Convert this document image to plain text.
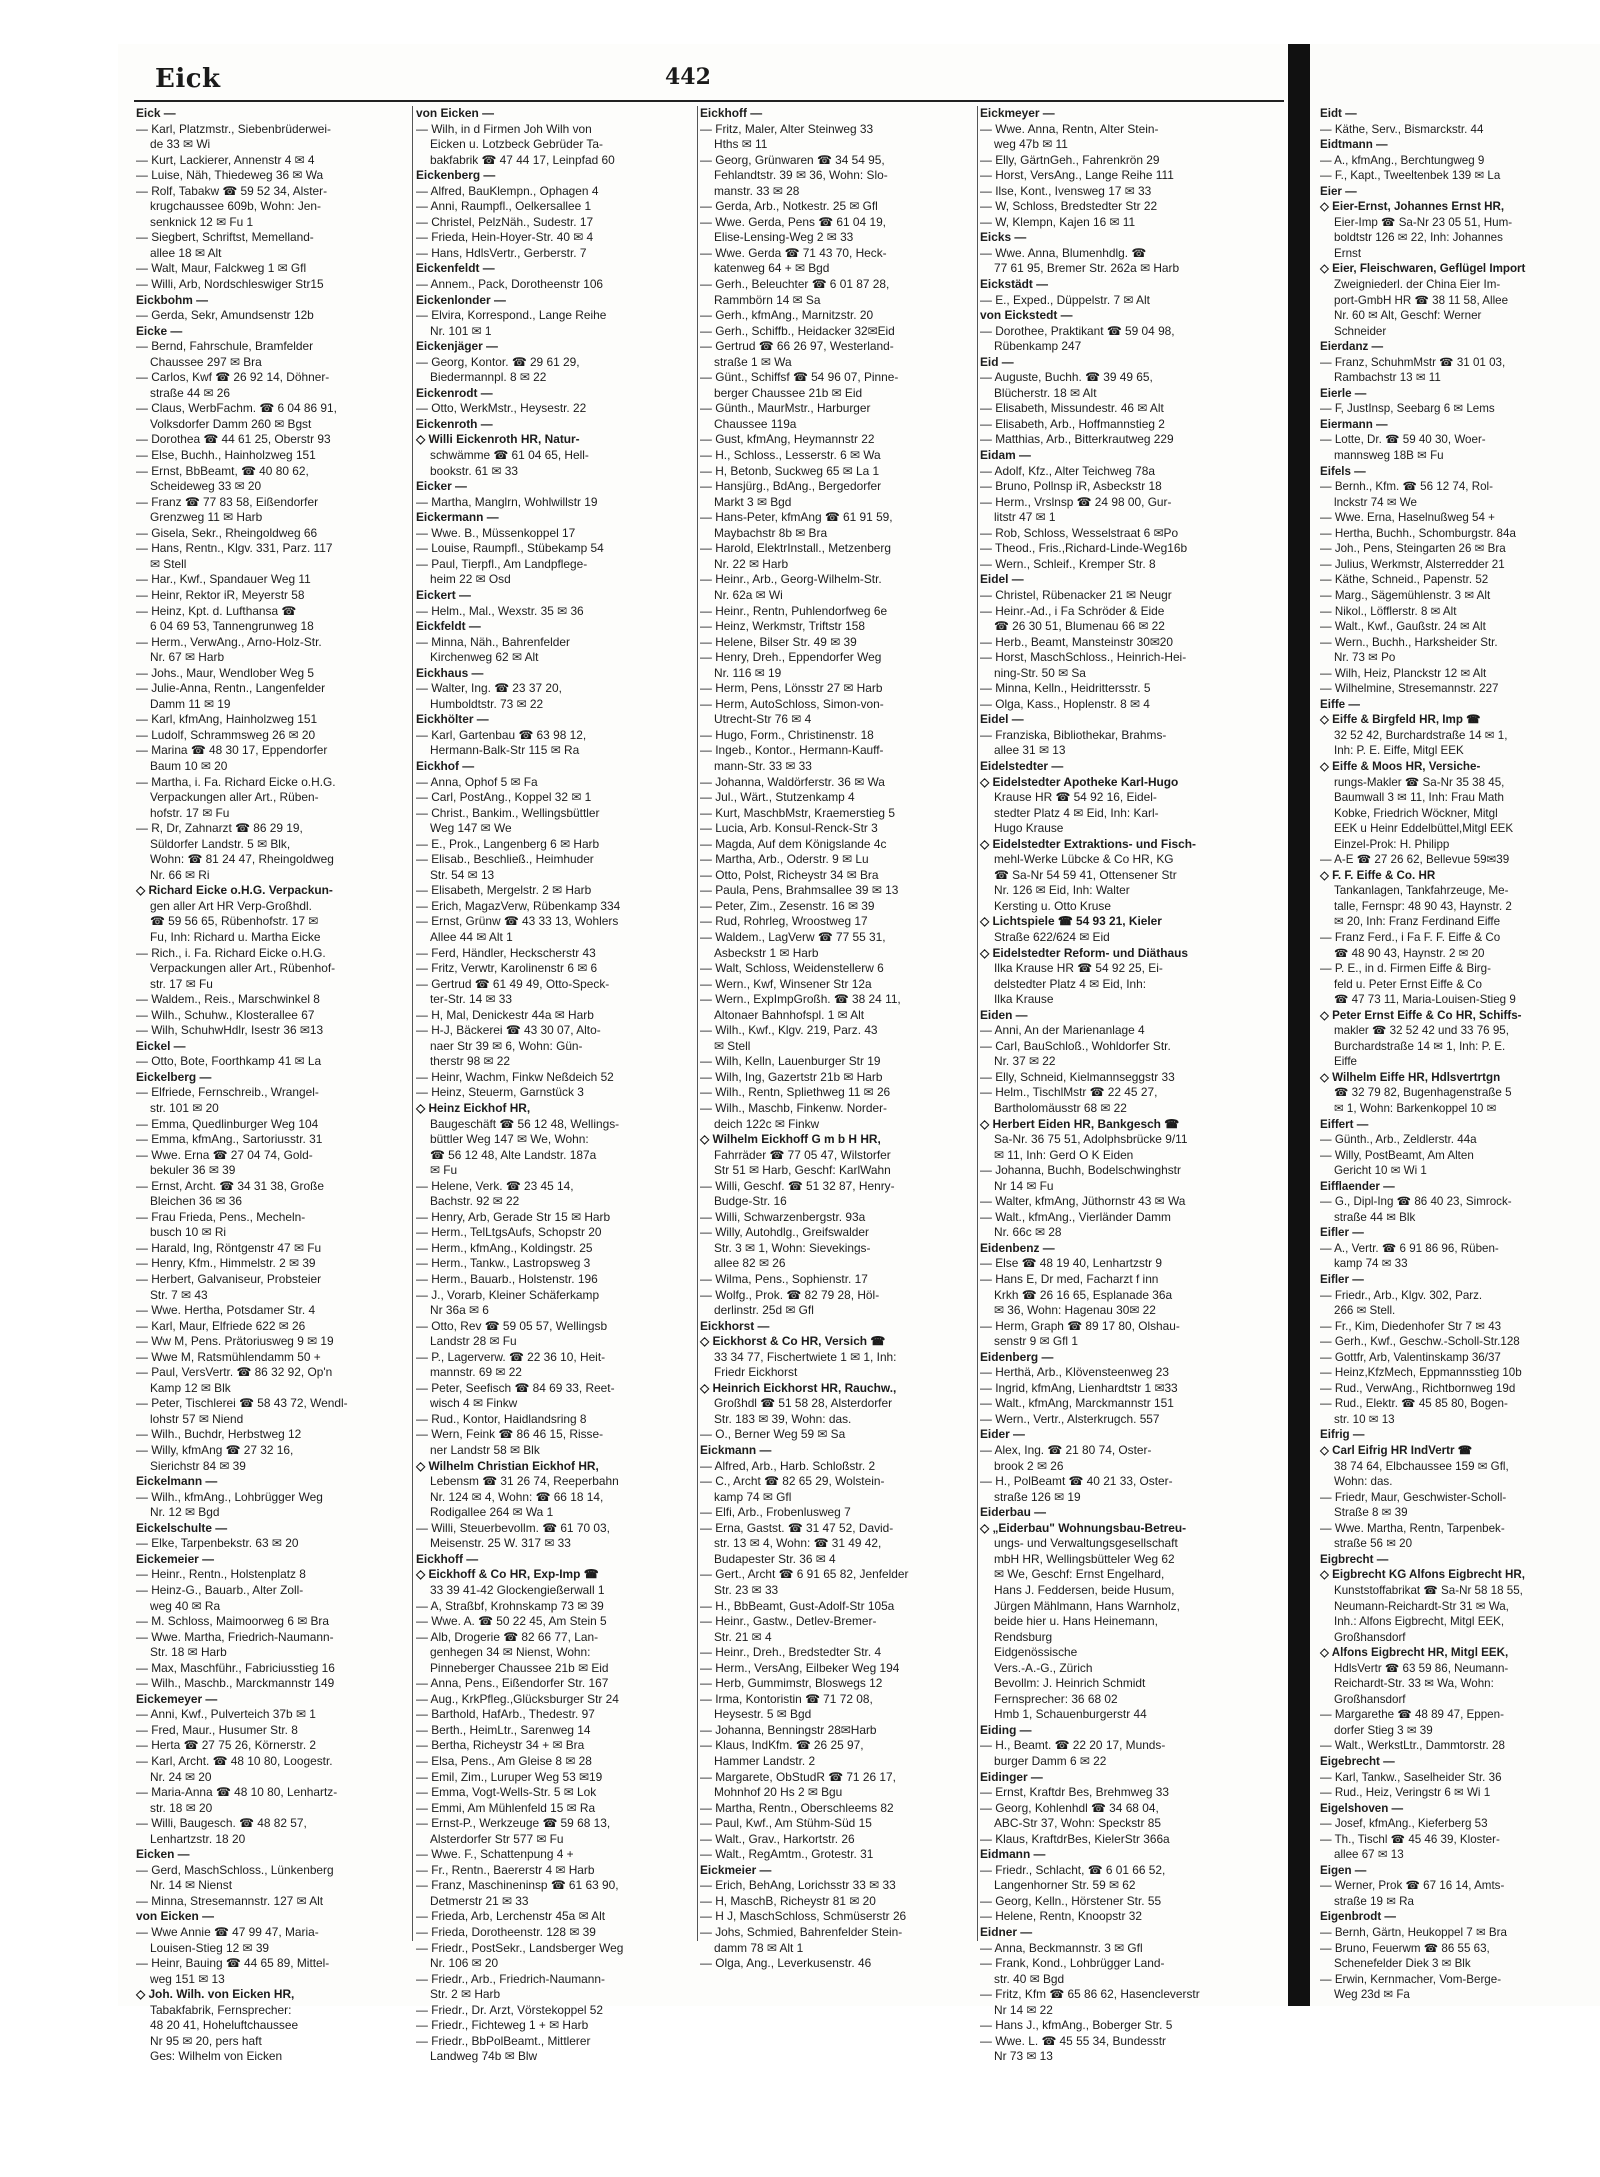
Eick	442
Eick —
— Karl, Platzmstr., Siebenbrüderwei-
de 33 ✉ Wi
— Kurt, Lackierer, Annenstr 4 ✉ 4
— Luise, Näh, Thiedeweg 36 ✉ Wa
— Rolf, Tabakw ☎ 59 52 34, Alster-
krugchaussee 609b, Wohn: Jen-
senknick 12 ✉ Fu 1
— Siegbert, Schriftst, Memelland-
allee 18 ✉ Alt
— Walt, Maur, Falckweg 1 ✉ Gfl
— Willi, Arb, Nordschleswiger Str15
Eickbohm —
— Gerda, Sekr, Amundsenstr 12b
Eicke —
— Bernd, Fahrschule, Bramfelder
Chaussee 297 ✉ Bra
— Carlos, Kwf ☎ 26 92 14, Döhner-
straße 44 ✉ 26
— Claus, WerbFachm. ☎ 6 04 86 91,
Volksdorfer Damm 260 ✉ Bgst
— Dorothea ☎ 44 61 25, Oberstr 93
— Else, Buchh., Hainholzweg 151
— Ernst, BbBeamt, ☎ 40 80 62,
Scheideweg 33 ✉ 20
— Franz ☎ 77 83 58, Eißendorfer
Grenzweg 11 ✉ Harb
— Gisela, Sekr., Rheingoldweg 66
— Hans, Rentn., Klgv. 331, Parz. 117
✉ Stell
— Har., Kwf., Spandauer Weg 11
— Heinr, Rektor iR, Meyerstr 58
— Heinz, Kpt. d. Lufthansa ☎
6 04 69 53, Tannengrunweg 18
— Herm., VerwAng., Arno-Holz-Str.
Nr. 67 ✉ Harb
— Johs., Maur, Wendlober Weg 5
— Julie-Anna, Rentn., Langenfelder
Damm 11 ✉ 19
— Karl, kfmAng, Hainholzweg 151
— Ludolf, Schrammsweg 26 ✉ 20
— Marina ☎ 48 30 17, Eppendorfer
Baum 10 ✉ 20
— Martha, i. Fa. Richard Eicke o.H.G.
Verpackungen aller Art., Rüben-
hofstr. 17 ✉ Fu
— R, Dr, Zahnarzt ☎ 86 29 19,
Süldorfer Landstr. 5 ✉ Blk,
Wohn: ☎ 81 24 47, Rheingoldweg
Nr. 66 ✉ Ri
◇ Richard Eicke o.H.G. Verpackun-
gen aller Art HR Verp-Großhdl.
☎ 59 56 65, Rübenhofstr. 17 ✉
Fu, Inh: Richard u. Martha Eicke
— Rich., i. Fa. Richard Eicke o.H.G.
Verpackungen aller Art., Rübenhof-
str. 17 ✉ Fu
— Waldem., Reis., Marschwinkel 8
— Wilh., Schuhw., Klosterallee 67
— Wilh, SchuhwHdlr, Isestr 36 ✉13
Eickel —
— Otto, Bote, Foorthkamp 41 ✉ La
Eickelberg —
— Elfriede, Fernschreib., Wrangel-
str. 101 ✉ 20
— Emma, Quedlinburger Weg 104
— Emma, kfmAng., Sartoriusstr. 31
— Wwe. Erna ☎ 27 04 74, Gold-
bekuler 36 ✉ 39
— Ernst, Archt. ☎ 34 31 38, Große
Bleichen 36 ✉ 36
— Frau Frieda, Pens., Mecheln-
busch 10 ✉ Ri
— Harald, Ing, Röntgenstr 47 ✉ Fu
— Henry, Kfm., Himmelstr. 2 ✉ 39
— Herbert, Galvaniseur, Probsteier
Str. 7 ✉ 43
— Wwe. Hertha, Potsdamer Str. 4
— Karl, Maur, Elfriede 622 ✉ 26
— Ww M, Pens. Prätoriusweg 9 ✉ 19
— Wwe M, Ratsmühlendamm 50 +
— Paul, VersVertr. ☎ 86 32 92, Op'n
Kamp 12 ✉ Blk
— Peter, Tischlerei ☎ 58 43 72, Wendl-
lohstr 57 ✉ Niend
— Wilh., Buchdr, Herbstweg 12
— Willy, kfmAng ☎ 27 32 16,
Sierichstr 84 ✉ 39
Eickelmann —
— Wilh., kfmAng., Lohbrügger Weg
Nr. 12 ✉ Bgd
Eickelschulte —
— Elke, Tarpenbekstr. 63 ✉ 20
Eickemeier —
— Heinr., Rentn., Holstenplatz 8
— Heinz-G., Bauarb., Alter Zoll-
weg 40 ✉ Ra
— M. Schloss, Maimoorweg 6 ✉ Bra
— Wwe. Martha, Friedrich-Naumann-
Str. 18 ✉ Harb
— Max, Maschführ., Fabriciusstieg 16
— Wilh., Maschb., Marckmannstr 149
Eickemeyer —
— Anni, Kwf., Pulverteich 37b ✉ 1
— Fred, Maur., Husumer Str. 8
— Herta ☎ 27 75 26, Körnerstr. 2
— Karl, Archt. ☎ 48 10 80, Loogestr.
Nr. 24 ✉ 20
— Maria-Anna ☎ 48 10 80, Lenhartz-
str. 18 ✉ 20
— Willi, Baugesch. ☎ 48 82 57,
Lenhartzstr. 18 20
Eicken —
— Gerd, MaschSchloss., Lünkenberg
Nr. 14 ✉ Nienst
— Minna, Stresemannstr. 127 ✉ Alt
von Eicken —
— Wwe Annie ☎ 47 99 47, Maria-
Louisen-Stieg 12 ✉ 39
— Heinr, Bauing ☎ 44 65 89, Mittel-
weg 151 ✉ 13
◇ Joh. Wilh. von Eicken HR,
Tabakfabrik, Fernsprecher:
48 20 41, Hoheluftchaussee
Nr 95 ✉ 20, pers haft
Ges: Wilhelm von Eicken
von Eicken —
— Wilh, in d Firmen Joh Wilh von
Eicken u. Lotzbeck Gebrüder Ta-
bakfabrik ☎ 47 44 17, Leinpfad 60
Eickenberg —
— Alfred, BauKlempn., Ophagen 4
— Anni, Raumpfl., Oelkersallee 1
— Christel, PelzNäh., Sudestr. 17
— Frieda, Hein-Hoyer-Str. 40 ✉ 4
— Hans, HdlsVertr., Gerberstr. 7
Eickenfeldt —
— Annem., Pack, Dorotheenstr 106
Eickenlonder —
— Elvira, Korrespond., Lange Reihe
Nr. 101 ✉ 1
Eickenjäger —
— Georg, Kontor. ☎ 29 61 29,
Biedermannpl. 8 ✉ 22
Eickenrodt —
— Otto, WerkMstr., Heysestr. 22
Eickenroth —
◇ Willi Eickenroth HR, Natur-
schwämme ☎ 61 04 65, Hell-
bookstr. 61 ✉ 33
Eicker —
— Martha, Manglrn, Wohlwillstr 19
Eickermann —
— Wwe. B., Müssenkoppel 17
— Louise, Raumpfl., Stübekamp 54
— Paul, Tierpfl., Am Landpflege-
heim 22 ✉ Osd
Eickert —
— Helm., Mal., Wexstr. 35 ✉ 36
Eickfeldt —
— Minna, Näh., Bahrenfelder
Kirchenweg 62 ✉ Alt
Eickhaus —
— Walter, Ing. ☎ 23 37 20,
Humboldtstr. 73 ✉ 22
Eickhölter —
— Karl, Gartenbau ☎ 63 98 12,
Hermann-Balk-Str 115 ✉ Ra
Eickhof —
— Anna, Ophof 5 ✉ Fa
— Carl, PostAng., Koppel 32 ✉ 1
— Christ., Bankim., Wellingsbüttler
Weg 147 ✉ We
— E., Prok., Langenberg 6 ✉ Harb
— Elisab., Beschließ., Heimhuder
Str. 54 ✉ 13
— Elisabeth, Mergelstr. 2 ✉ Harb
— Erich, MagazVerw, Rübenkamp 334
— Ernst, Grünw ☎ 43 33 13, Wohlers
Allee 44 ✉ Alt 1
— Ferd, Händler, Heckscherstr 43
— Fritz, Verwtr, Karolinenstr 6 ✉ 6
— Gertrud ☎ 61 49 49, Otto-Speck-
ter-Str. 14 ✉ 33
— H, Mal, Denickestr 44a ✉ Harb
— H-J, Bäckerei ☎ 43 30 07, Alto-
naer Str 39 ✉ 6, Wohn: Gün-
therstr 98 ✉ 22
— Heinr, Wachm, Finkw Neßdeich 52
— Heinz, Steuerm, Garnstück 3
◇ Heinz Eickhof HR,
Baugeschäft ☎ 56 12 48, Wellings-
büttler Weg 147 ✉ We, Wohn:
☎ 56 12 48, Alte Landstr. 187a
✉ Fu
— Helene, Verk. ☎ 23 45 14,
Bachstr. 92 ✉ 22
— Henry, Arb, Gerade Str 15 ✉ Harb
— Herm., TelLtgsAufs, Schopstr 20
— Herm., kfmAng., Koldingstr. 25
— Herm., Tankw., Lastropsweg 3
— Herm., Bauarb., Holstenstr. 196
— J., Vorarb, Kleiner Schäferkamp
Nr 36a ✉ 6
— Otto, Rev ☎ 59 05 57, Wellingsb
Landstr 28 ✉ Fu
— P., Lagerverw. ☎ 22 36 10, Heit-
mannstr. 69 ✉ 22
— Peter, Seefisch ☎ 84 69 33, Reet-
wisch 4 ✉ Finkw
— Rud., Kontor, Haidlandsring 8
— Wern, Feink ☎ 86 46 15, Risse-
ner Landstr 58 ✉ Blk
◇ Wilhelm Christian Eickhof HR,
Lebensm ☎ 31 26 74, Reeperbahn
Nr. 124 ✉ 4, Wohn: ☎ 66 18 14,
Rodigallee 264 ✉ Wa 1
— Willi, Steuerbevollm. ☎ 61 70 03,
Meisenstr. 25 W. 317 ✉ 33
Eickhoff —
◇ Eickhoff & Co HR, Exp-Imp ☎
33 39 41-42 Glockengießerwall 1
— A, Straßbf, Krohnskamp 73 ✉ 39
— Wwe. A. ☎ 50 22 45, Am Stein 5
— Alb, Drogerie ☎ 82 66 77, Lan-
genhegen 34 ✉ Nienst, Wohn:
Pinneberger Chaussee 21b ✉ Eid
— Anna, Pens., Eißendorfer Str. 167
— Aug., KrkPfleg.,Glücksburger Str 24
— Barthold, HafArb., Thedestr. 97
— Berth., HeimLtr., Sarenweg 14
— Bertha, Richeystr 34 + ✉ Bra
— Elsa, Pens., Am Gleise 8 ✉ 28
— Emil, Zim., Luruper Weg 53 ✉19
— Emma, Vogt-Wells-Str. 5 ✉ Lok
— Emmi, Am Mühlenfeld 15 ✉ Ra
— Ernst-P., Werkzeuge ☎ 59 68 13,
Alsterdorfer Str 577 ✉ Fu
— Wwe. F., Schattenpung 4 +
— Fr., Rentn., Baererstr 4 ✉ Harb
— Franz, Maschineninsp ☎ 61 63 90,
Detmerstr 21 ✉ 33
— Frieda, Arb, Lerchenstr 45a ✉ Alt
— Frieda, Dorotheenstr. 128 ✉ 39
— Friedr., PostSekr., Landsberger Weg
Nr. 106 ✉ 20
— Friedr., Arb., Friedrich-Naumann-
Str. 2 ✉ Harb
— Friedr., Dr. Arzt, Vörstekoppel 52
— Friedr., Fichteweg 1 + ✉ Harb
— Friedr., BbPolBeamt., Mittlerer
Landweg 74b ✉ Blw
Eickhoff —
— Fritz, Maler, Alter Steinweg 33
Hths ✉ 11
— Georg, Grünwaren ☎ 34 54 95,
Fehlandtstr. 39 ✉ 36, Wohn: Slo-
manstr. 33 ✉ 28
— Gerda, Arb., Notkestr. 25 ✉ Gfl
— Wwe. Gerda, Pens ☎ 61 04 19,
Elise-Lensing-Weg 2 ✉ 33
— Wwe. Gerda ☎ 71 43 70, Heck-
katenweg 64 + ✉ Bgd
— Gerh., Beleuchter ☎ 6 01 87 28,
Rammbörn 14 ✉ Sa
— Gerh., kfmAng., Marnitzstr. 20
— Gerh., Schiffb., Heidacker 32✉Eid
— Gertrud ☎ 66 26 97, Westerland-
straße 1 ✉ Wa
— Günt., Schiffsf ☎ 54 96 07, Pinne-
berger Chaussee 21b ✉ Eid
— Günth., MaurMstr., Harburger
Chaussee 119a
— Gust, kfmAng, Heymannstr 22
— H., Schloss., Lesserstr. 6 ✉ Wa
— H, Betonb, Suckweg 65 ✉ La 1
— Hansjürg., BdAng., Bergedorfer
Markt 3 ✉ Bgd
— Hans-Peter, kfmAng ☎ 61 91 59,
Maybachstr 8b ✉ Bra
— Harold, ElektrInstall., Metzenberg
Nr. 22 ✉ Harb
— Heinr., Arb., Georg-Wilhelm-Str.
Nr. 62a ✉ Wi
— Heinr., Rentn, Puhlendorfweg 6e
— Heinz, Werkmstr, Triftstr 158
— Helene, Bilser Str. 49 ✉ 39
— Henry, Dreh., Eppendorfer Weg
Nr. 116 ✉ 19
— Herm, Pens, Lönsstr 27 ✉ Harb
— Herm, AutoSchloss, Simon-von-
Utrecht-Str 76 ✉ 4
— Hugo, Form., Christinenstr. 18
— Ingeb., Kontor., Hermann-Kauff-
mann-Str. 33 ✉ 33
— Johanna, Waldörferstr. 36 ✉ Wa
— Jul., Wärt., Stutzenkamp 4
— Kurt, MaschbMstr, Kraemerstieg 5
— Lucia, Arb. Konsul-Renck-Str 3
— Magda, Auf dem Königslande 4c
— Martha, Arb., Oderstr. 9 ✉ Lu
— Otto, Polst, Richeystr 34 ✉ Bra
— Paula, Pens, Brahmsallee 39 ✉ 13
— Peter, Zim., Zesenstr. 16 ✉ 39
— Rud, Rohrleg, Wroostweg 17
— Waldem., LagVerw ☎ 77 55 31,
Asbeckstr 1 ✉ Harb
— Walt, Schloss, Weidenstellerw 6
— Wern., Kwf, Winsener Str 12a
— Wern., ExpImpGroßh. ☎ 38 24 11,
Altonaer Bahnhofspl. 1 ✉ Alt
— Wilh., Kwf., Klgv. 219, Parz. 43
✉ Stell
— Wilh, Kelln, Lauenburger Str 19
— Wilh, Ing, Gazertstr 21b ✉ Harb
— Wilh., Rentn, Spliethweg 11 ✉ 26
— Wilh., Maschb, Finkenw. Norder-
deich 122c ✉ Finkw
◇ Wilhelm Eickhoff G m b H HR,
Fahrräder ☎ 77 05 47, Wilstorfer
Str 51 ✉ Harb, Geschf: KarlWahn
— Willi, Geschf. ☎ 51 32 87, Henry-
Budge-Str. 16
— Willi, Schwarzenbergstr. 93a
— Willy, Autohdlg., Greifswalder
Str. 3 ✉ 1, Wohn: Sievekings-
allee 82 ✉ 26
— Wilma, Pens., Sophienstr. 17
— Wolfg., Prok. ☎ 82 79 28, Höl-
derlinstr. 25d ✉ Gfl
Eickhorst —
◇ Eickhorst & Co HR, Versich ☎
33 34 77, Fischertwiete 1 ✉ 1, Inh:
Friedr Eickhorst
◇ Heinrich Eickhorst HR, Rauchw.,
Großhdl ☎ 51 58 28, Alsterdorfer
Str. 183 ✉ 39, Wohn: das.
— O., Berner Weg 59 ✉ Sa
Eickmann —
— Alfred, Arb., Harb. Schloßstr. 2
— C., Archt ☎ 82 65 29, Wolstein-
kamp 74 ✉ Gfl
— Elfi, Arb., Frobenlusweg 7
— Erna, Gastst. ☎ 31 47 52, David-
str. 13 ✉ 4, Wohn: ☎ 31 49 42,
Budapester Str. 36 ✉ 4
— Gert., Archt ☎ 6 91 65 82, Jenfelder
Str. 23 ✉ 33
— H., BbBeamt, Gust-Adolf-Str 105a
— Heinr., Gastw., Detlev-Bremer-
Str. 21 ✉ 4
— Heinr., Dreh., Bredstedter Str. 4
— Herm., VersAng, Eilbeker Weg 194
— Herb, Gummimstr, Bloswegs 12
— Irma, Kontoristin ☎ 71 72 08,
Heysestr. 5 ✉ Bgd
— Johanna, Benningstr 28✉Harb
— Klaus, IndKfm. ☎ 26 25 97,
Hammer Landstr. 2
— Margarete, ObStudR ☎ 71 26 17,
Mohnhof 20 Hs 2 ✉ Bgu
— Martha, Rentn., Oberschleems 82
— Paul, Kwf., Am Stühm-Süd 15
— Walt., Grav., Harkortstr. 26
— Walt., RegAmtm., Grotestr. 31
Eickmeier —
— Erich, BehAng, Lorichsstr 33 ✉ 33
— H, MaschB, Richeystr 81 ✉ 20
— H J, MaschSchloss, Schmüserstr 26
— Johs, Schmied, Bahrenfelder Stein-
damm 78 ✉ Alt 1
— Olga, Ang., Leverkusenstr. 46
Eickmeyer —
— Wwe. Anna, Rentn, Alter Stein-
weg 47b ✉ 11
— Elly, GärtnGeh., Fahrenkrön 29
— Horst, VersAng., Lange Reihe 111
— Ilse, Kont., Ivensweg 17 ✉ 33
— W, Schloss, Bredstedter Str 22
— W, Klempn, Kajen 16 ✉ 11
Eicks —
— Wwe. Anna, Blumenhdlg. ☎
77 61 95, Bremer Str. 262a ✉ Harb
Eickstädt —
— E., Exped., Düppelstr. 7 ✉ Alt
von Eickstedt —
— Dorothee, Praktikant ☎ 59 04 98,
Rübenkamp 247
Eid —
— Auguste, Buchh. ☎ 39 49 65,
Blücherstr. 18 ✉ Alt
— Elisabeth, Missundestr. 46 ✉ Alt
— Elisabeth, Arb., Hoffmannstieg 2
— Matthias, Arb., Bitterkrautweg 229
Eidam —
— Adolf, Kfz., Alter Teichweg 78a
— Bruno, Pollnsp iR, Asbeckstr 18
— Herm., Vrslnsp ☎ 24 98 00, Gur-
litstr 47 ✉ 1
— Rob, Schloss, Wesselstraat 6 ✉Po
— Theod., Fris.,Richard-Linde-Weg16b
— Wern., Schleif., Kremper Str. 8
Eidel —
— Christel, Rübenacker 21 ✉ Neugr
— Heinr.-Ad., i Fa Schröder & Eide
☎ 26 30 51, Blumenau 66 ✉ 22
— Herb., Beamt, Mansteinstr 30✉20
— Horst, MaschSchloss., Heinrich-Hei-
ning-Str. 50 ✉ Sa
— Minna, Kelln., Heidrittersstr. 5
— Olga, Kass., Hoplenstr. 8 ✉ 4
Eidel —
— Franziska, Bibliothekar, Brahms-
allee 31 ✉ 13
Eidelstedter —
◇ Eidelstedter Apotheke Karl-Hugo
Krause HR ☎ 54 92 16, Eidel-
stedter Platz 4 ✉ Eid, Inh: Karl-
Hugo Krause
◇ Eidelstedter Extraktions- und Fisch-
mehl-Werke Lübcke & Co HR, KG
☎ Sa-Nr 54 59 41, Ottensener Str
Nr. 126 ✉ Eid, Inh: Walter
Kersting u. Otto Kruse
◇ Lichtspiele ☎ 54 93 21, Kieler
Straße 622/624 ✉ Eid
◇ Eidelstedter Reform- und Diäthaus
Ilka Krause HR ☎ 54 92 25, Ei-
delstedter Platz 4 ✉ Eid, Inh:
Ilka Krause
Eiden —
— Anni, An der Marienanlage 4
— Carl, BauSchloß., Wohldorfer Str.
Nr. 37 ✉ 22
— Elly, Schneid, Kielmannseggstr 33
— Helm., TischlMstr ☎ 22 45 27,
Bartholomäusstr 68 ✉ 22
◇ Herbert Eiden HR, Bankgesch ☎
Sa-Nr. 36 75 51, Adolphsbrücke 9/11
✉ 11, Inh: Gerd O K Eiden
— Johanna, Buchh, Bodelschwinghstr
Nr 14 ✉ Fu
— Walter, kfmAng, Jüthornstr 43 ✉ Wa
— Walt., kfmAng., Vierländer Damm
Nr. 66c ✉ 28
Eidenbenz —
— Else ☎ 48 19 40, Lenhartzstr 9
— Hans E, Dr med, Facharzt f inn
Krkh ☎ 26 16 65, Esplanade 36a
✉ 36, Wohn: Hagenau 30✉ 22
— Herm, Graph ☎ 89 17 80, Olshau-
senstr 9 ✉ Gfl 1
Eidenberg —
— Herthä, Arb., Klövensteenweg 23
— Ingrid, kfmAng, Lienhardtstr 1 ✉33
— Walt., kfmAng, Marckmannstr 151
— Wern., Vertr., Alsterkrugch. 557
Eider —
— Alex, Ing. ☎ 21 80 74, Oster-
brook 2 ✉ 26
— H., PolBeamt ☎ 40 21 33, Oster-
straße 126 ✉ 19
Eiderbau —
◇ „Eiderbau" Wohnungsbau-Betreu-
ungs- und Verwaltungsgesellschaft
mbH HR, Wellingsbütteler Weg 62
✉ We, Geschf: Ernst Engelhard,
Hans J. Feddersen, beide Husum,
Jürgen Mählmann, Hans Warnholz,
beide hier u. Hans Heinemann,
Rendsburg
Eidgenössische
Vers.-A.-G., Zürich
Bevollm: J. Heinrich Schmidt
Fernsprecher: 36 68 02
Hmb 1, Schauenburgerstr 44
Eiding —
— H., Beamt. ☎ 22 20 17, Munds-
burger Damm 6 ✉ 22
Eidinger —
— Ernst, Kraftdr Bes, Brehmweg 33
— Georg, Kohlenhdl ☎ 34 68 04,
ABC-Str 37, Wohn: Speckstr 85
— Klaus, KraftdrBes, KielerStr 366a
Eidmann —
— Friedr., Schlacht, ☎ 6 01 66 52,
Langenhorner Str. 59 ✉ 62
— Georg, Kelln., Hörstener Str. 55
— Helene, Rentn, Knoopstr 32
Eidner —
— Anna, Beckmannstr. 3 ✉ Gfl
— Frank, Kond., Lohbrügger Land-
str. 40 ✉ Bgd
— Fritz, Kfm ☎ 65 86 62, Hasencleverstr
Nr 14 ✉ 22
— Hans J., kfmAng., Boberger Str. 5
— Wwe. L. ☎ 45 55 34, Bundesstr
Nr 73 ✉ 13
Eidt —
— Käthe, Serv., Bismarckstr. 44
Eidtmann —
— A., kfmAng., Berchtungweg 9
— F., Kapt., Tweeltenbek 139 ✉ La
Eier —
◇ Eier-Ernst, Johannes Ernst HR,
Eier-Imp ☎ Sa-Nr 23 05 51, Hum-
boldtstr 126 ✉ 22, Inh: Johannes
Ernst
◇ Eier, Fleischwaren, Geflügel Import
Zweigniederl. der China Eier Im-
port-GmbH HR ☎ 38 11 58, Allee
Nr. 60 ✉ Alt, Geschf: Werner
Schneider
Eierdanz —
— Franz, SchuhmMstr ☎ 31 01 03,
Rambachstr 13 ✉ 11
Eierle —
— F, JustInsp, Seebarg 6 ✉ Lems
Eiermann —
— Lotte, Dr. ☎ 59 40 30, Woer-
mannsweg 18B ✉ Fu
Eifels —
— Bernh., Kfm. ☎ 56 12 74, Rol-
lnckstr 74 ✉ We
— Wwe. Erna, Haselnußweg 54 +
— Hertha, Buchh., Schomburgstr. 84a
— Joh., Pens, Steingarten 26 ✉ Bra
— Julius, Werkmstr, Alsterredder 21
— Käthe, Schneid., Papenstr. 52
— Marg., Sägemühlenstr. 3 ✉ Alt
— Nikol., Löfflerstr. 8 ✉ Alt
— Walt., Kwf., Gaußstr. 24 ✉ Alt
— Wern., Buchh., Harksheider Str.
Nr. 73 ✉ Po
— Wilh, Heiz, Planckstr 12 ✉ Alt
— Wilhelmine, Stresemannstr. 227
Eiffe —
◇ Eiffe & Birgfeld HR, Imp ☎
32 52 42, Burchardstraße 14 ✉ 1,
Inh: P. E. Eiffe, Mitgl EEK
◇ Eiffe & Moos HR, Versiche-
rungs-Makler ☎ Sa-Nr 35 38 45,
Baumwall 3 ✉ 11, Inh: Frau Math
Kobke, Friedrich Wöckner, Mitgl
EEK u Heinr Eddelbüttel,Mitgl EEK
Einzel-Prok: H. Philipp
— A-E ☎ 27 26 62, Bellevue 59✉39
◇ F. F. Eiffe & Co. HR
Tankanlagen, Tankfahrzeuge, Me-
talle, Fernspr: 48 90 43, Haynstr. 2
✉ 20, Inh: Franz Ferdinand Eiffe
— Franz Ferd., i Fa F. F. Eiffe & Co
☎ 48 90 43, Haynstr. 2 ✉ 20
— P. E., in d. Firmen Eiffe & Birg-
feld u. Peter Ernst Eiffe & Co
☎ 47 73 11, Maria-Louisen-Stieg 9
◇ Peter Ernst Eiffe & Co HR, Schiffs-
makler ☎ 32 52 42 und 33 76 95,
Burchardstraße 14 ✉ 1, Inh: P. E.
Eiffe
◇ Wilhelm Eiffe HR, Hdlsvertrtgn
☎ 32 79 82, Bugenhagenstraße 5
✉ 1, Wohn: Barkenkoppel 10 ✉
Eiffert —
— Günth., Arb., Zeldlerstr. 44a
— Willy, PostBeamt, Am Alten
Gericht 10 ✉ Wi 1
Eifflaender —
— G., Dipl-Ing ☎ 86 40 23, Simrock-
straße 44 ✉ Blk
Eifler —
— A., Vertr. ☎ 6 91 86 96, Rüben-
kamp 74 ✉ 33
Eifler —
— Friedr., Arb., Klgv. 302, Parz.
266 ✉ Stell.
— Fr., Kim, Diedenhofer Str 7 ✉ 43
— Gerh., Kwf., Geschw.-Scholl-Str.128
— Gottfr, Arb, Valentinskamp 36/37
— Heinz,KfzMech, Eppmannsstieg 10b
— Rud., VerwAng., Richtbornweg 19d
— Rud., Elektr. ☎ 45 85 80, Bogen-
str. 10 ✉ 13
Eifrig —
◇ Carl Eifrig HR IndVertr ☎
38 74 64, Elbchaussee 159 ✉ Gfl,
Wohn: das.
— Friedr, Maur, Geschwister-Scholl-
Straße 8 ✉ 39
— Wwe. Martha, Rentn, Tarpenbek-
straße 56 ✉ 20
Eigbrecht —
◇ Eigbrecht KG Alfons Eigbrecht HR,
Kunststoffabrikat ☎ Sa-Nr 58 18 55,
Neumann-Reichardt-Str 31 ✉ Wa,
Inh.: Alfons Eigbrecht, Mitgl EEK,
Großhansdorf
◇ Alfons Eigbrecht HR, Mitgl EEK,
HdlsVertr ☎ 63 59 86, Neumann-
Reichardt-Str. 33 ✉ Wa, Wohn:
Großhansdorf
— Margarethe ☎ 48 89 47, Eppen-
dorfer Stieg 3 ✉ 39
— Walt., WerkstLtr., Dammtorstr. 28
Eigebrecht —
— Karl, Tankw., Saselheider Str. 36
— Rud., Heiz, Veringstr 6 ✉ Wi 1
Eigelshoven —
— Josef, kfmAng., Kieferberg 53
— Th., Tischl ☎ 45 46 39, Kloster-
allee 67 ✉ 13
Eigen —
— Werner, Prok ☎ 67 16 14, Amts-
straße 19 ✉ Ra
Eigenbrodt —
— Bernh, Gärtn, Heukoppel 7 ✉ Bra
— Bruno, Feuerwm ☎ 86 55 63,
Schenefelder Diek 3 ✉ Blk
— Erwin, Kernmacher, Vom-Berge-
Weg 23d ✉ Fa
